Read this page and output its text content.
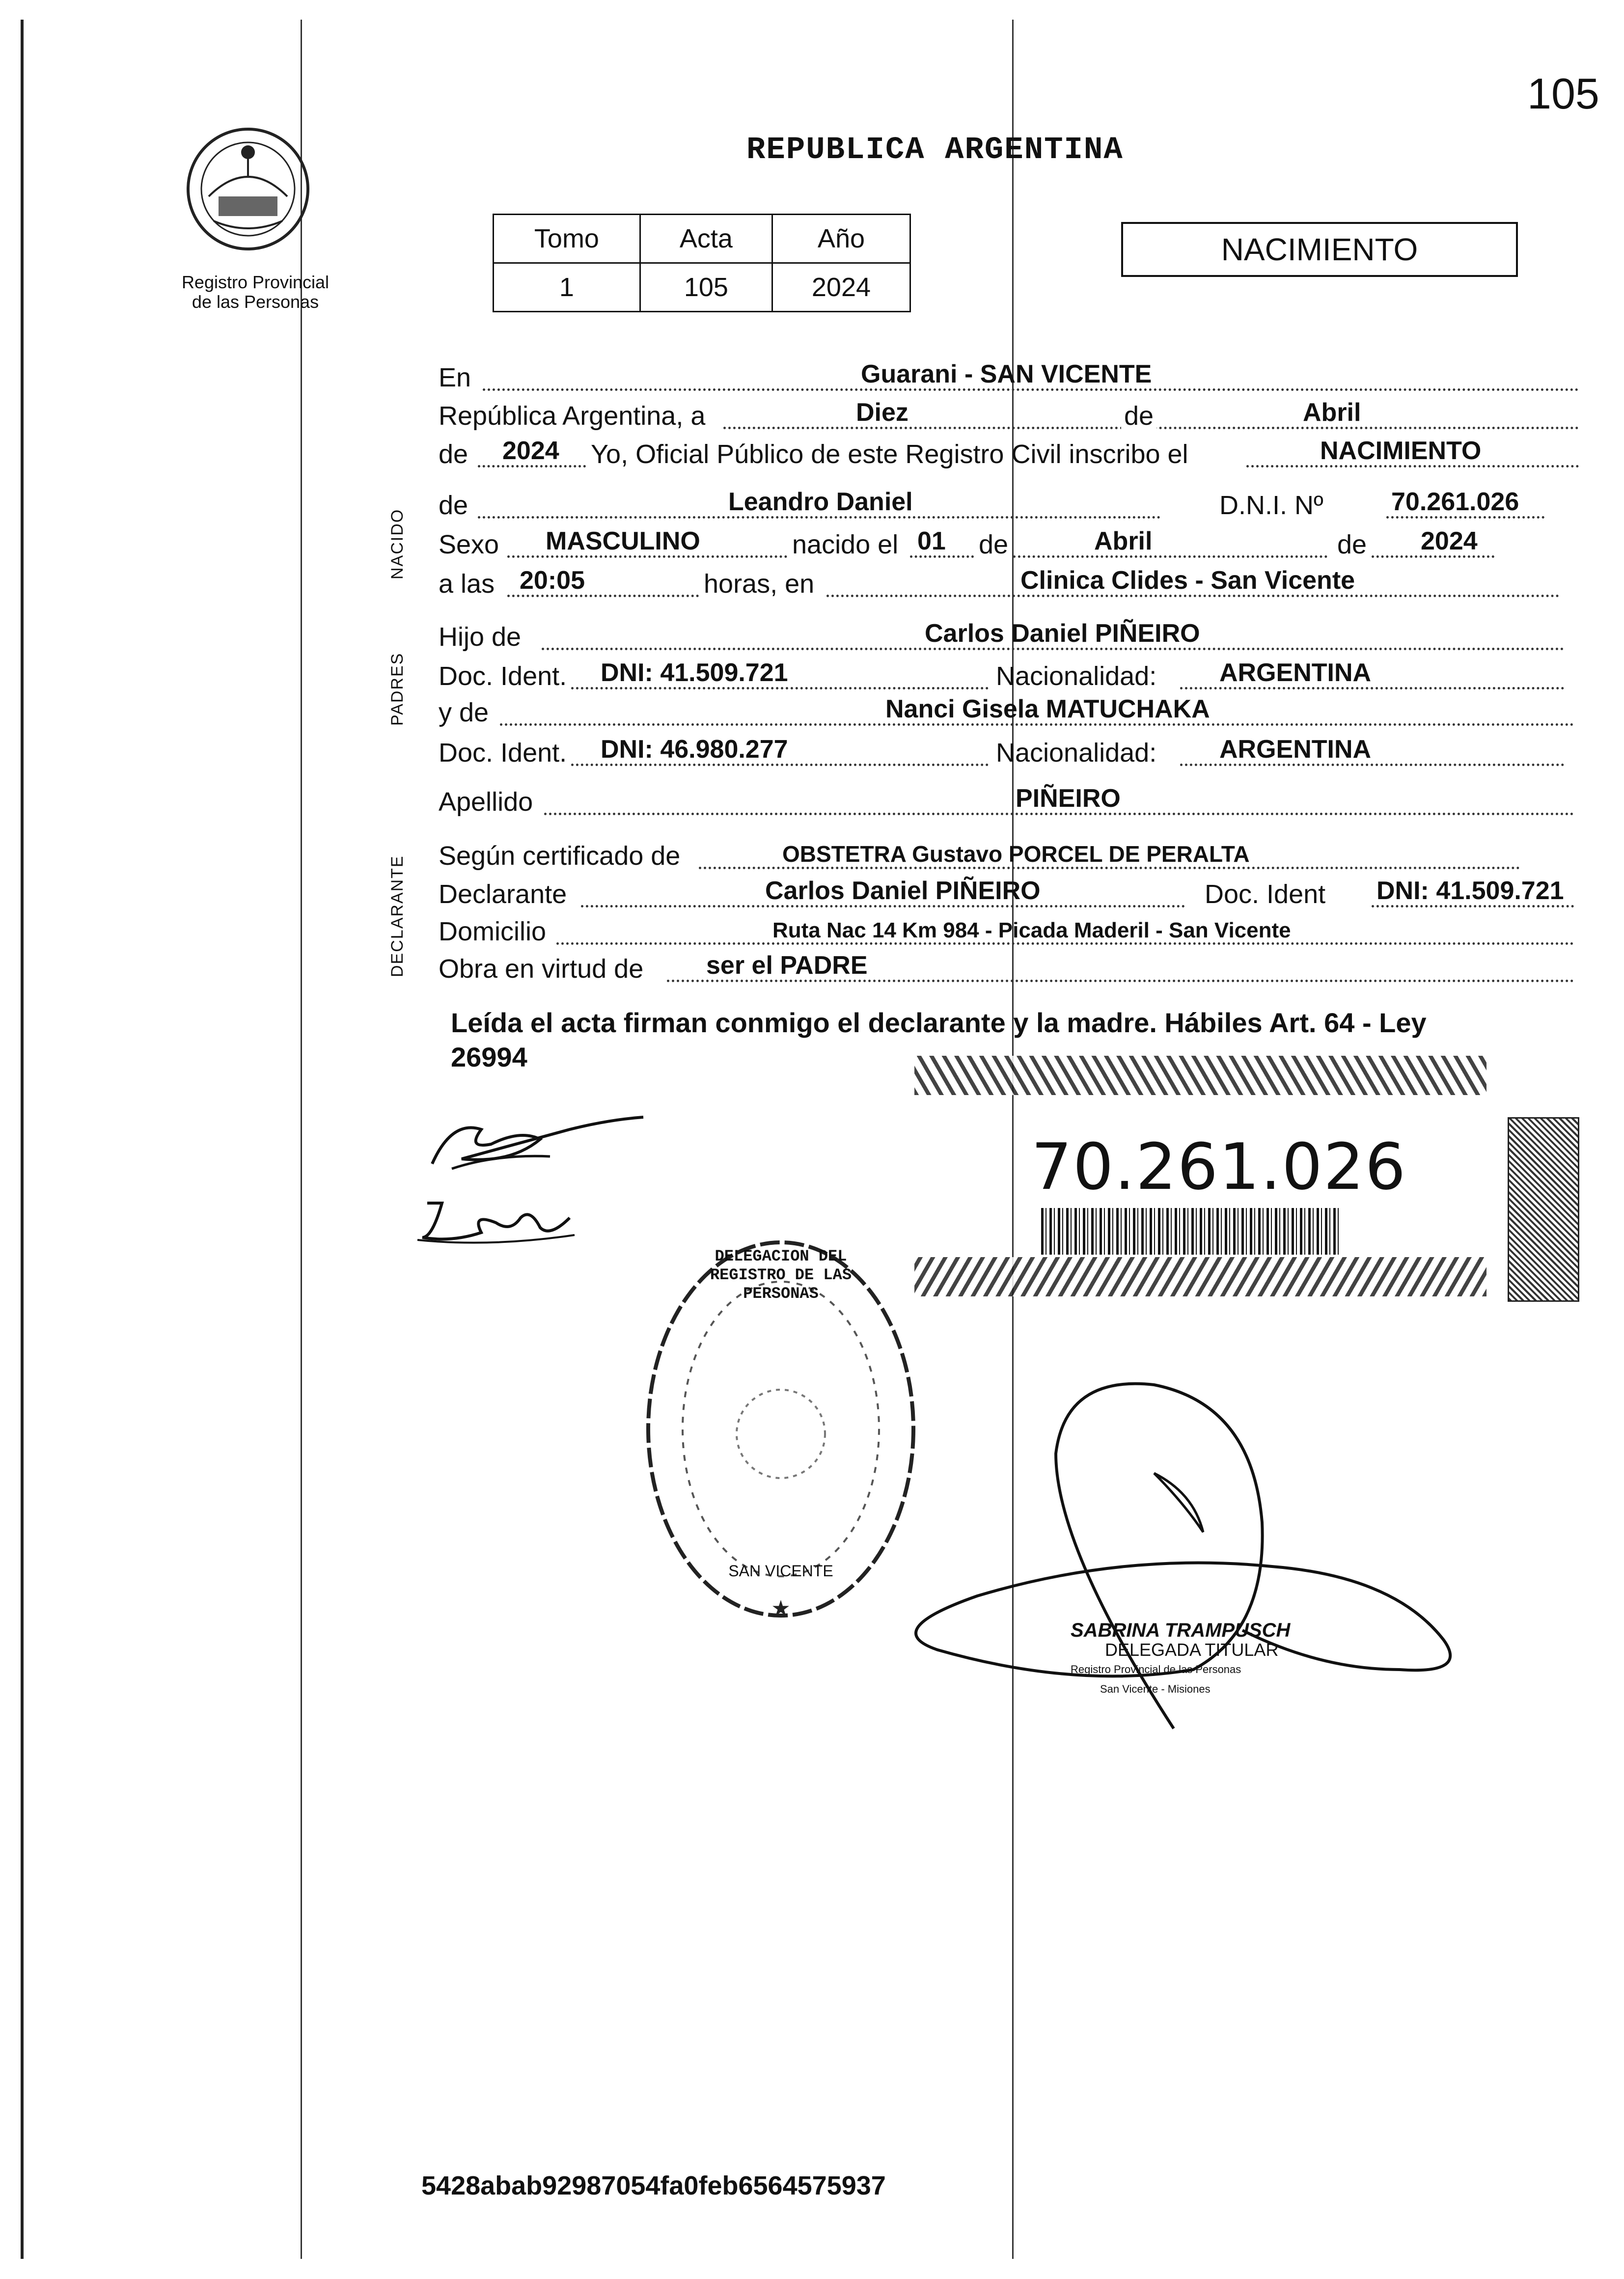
105
Registro Provincial
de las Personas
REPUBLICA ARGENTINA
Tomo	Acta	Año
1	105	2024
NACIMIENTO
NACIDO
PADRES
DECLARANTE
En	Guarani - SAN VICENTE
República Argentina, a	Diez	de	Abril
de 2024 Yo, Oficial Público de este Registro Civil inscribo el	NACIMIENTO
de	Leandro Daniel	D.N.I. Nº	70.261.026
Sexo MASCULINO	nacido el 01 de	Abril	de 2024
a las 20:05	horas, en	Clinica Clides - San Vicente
Hijo de	Carlos Daniel PIÑEIRO
Doc. Ident. DNI: 41.509.721	Nacionalidad: ARGENTINA
y de	Nanci Gisela MATUCHAKA
Doc. Ident. DNI: 46.980.277	Nacionalidad: ARGENTINA
Apellido	PIÑEIRO
Según certificado de	OBSTETRA Gustavo PORCEL DE PERALTA
Declarante	Carlos Daniel PIÑEIRO	Doc. Ident DNI: 41.509.721
Domicilio	Ruta Nac 14 Km 984 - Picada Maderil - San Vicente
Obra en virtud de ser el PADRE
Leída el acta firman conmigo el declarante y la madre. Hábiles Art. 64 - Ley
26994
70.261.026
★
DELEGACION DEL REGISTRO DE LAS PERSONAS
SAN VICENTE
SABRINA TRAMPUSCH
DELEGADA TITULAR
Registro Provincial de las Personas
San Vicente - Misiones
5428abab92987054fa0feb6564575937
